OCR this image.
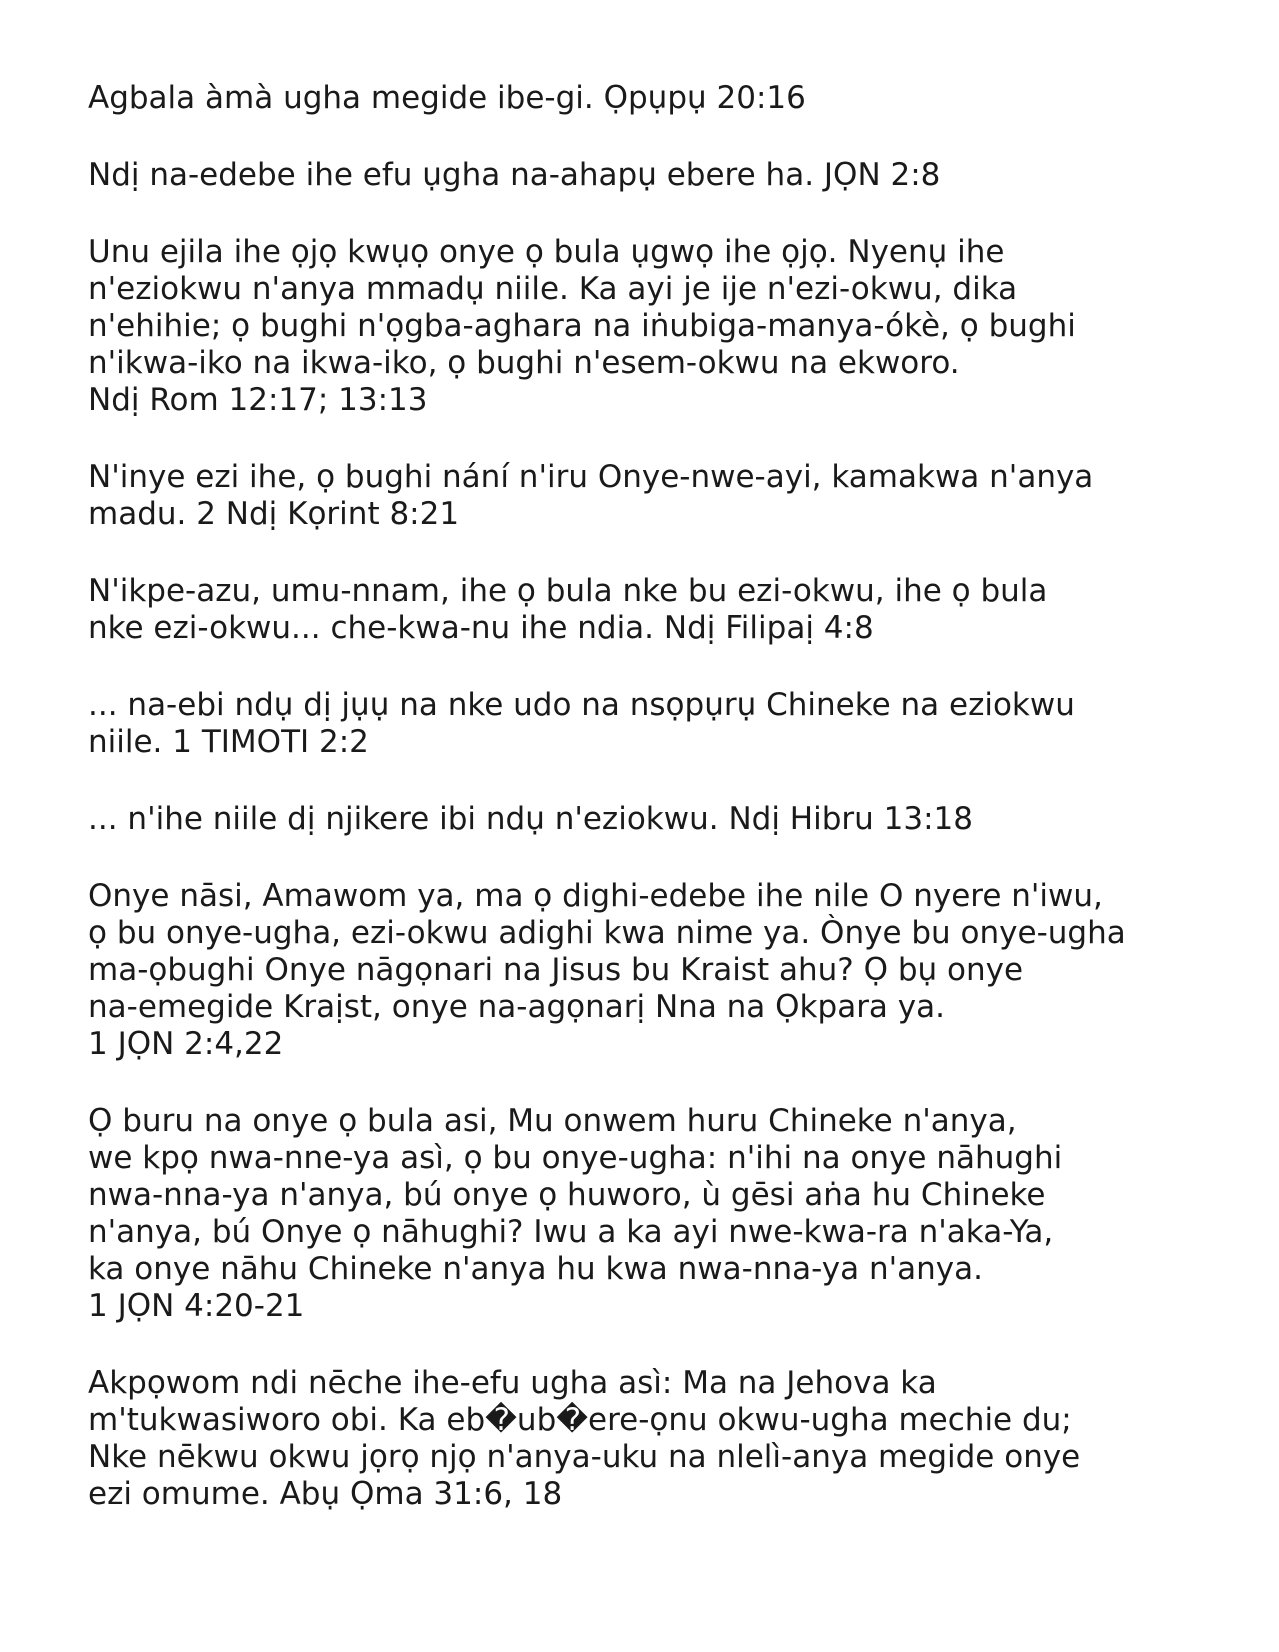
Agbala àmà ugha megide ibe-gi. Ọpụpụ 20:16

Ndị na-edebe ihe efu ụgha na-ahapụ ebere ha. JỌN 2:8

Unu ejila ihe ọjọ kwụọ onye ọ bula ụgwọ ihe ọjọ. Nyenụ ihe
n'eziokwu n'anya mmadụ niile. Ka ayi je ije n'ezi-okwu, dika
n'ehihie; ọ bughi n'ọgba-aghara na iṅubiga-manya-ókè, ọ bughi
n'ikwa-iko na ikwa-iko, ọ bughi n'esem-okwu na ekworo.
Ndị Rom 12:17; 13:13

N'inye ezi ihe, ọ bughi nání n'iru Onye-nwe-ayi, kamakwa n'anya
madu. 2 Ndị Kọrint 8:21

N'ikpe-azu, umu-nnam, ihe ọ bula nke bu ezi-okwu, ihe ọ bula
nke ezi-okwu... che-kwa-nu ihe ndia. Ndị Filipaị 4:8

... na-ebi ndụ dị jụụ na nke udo na nsọpụrụ Chineke na eziokwu
niile. 1 TIMOTI 2:2

... n'ihe niile dị njikere ibi ndụ n'eziokwu. Ndị Hibru 13:18

Onye nāsi, Amawom ya, ma ọ dighi-edebe ihe nile O nyere n'iwu,
ọ bu onye-ugha, ezi-okwu adighi kwa nime ya. Ònye bu onye-ugha
ma-ọbughi Onye nāgọnari na Jisus bu Kraist ahu? Ọ bụ onye
na-emegide Kraịst, onye na-agọnarị Nna na Ọkpara ya.
1 JỌN 2:4,22

Ọ buru na onye ọ bula asi, Mu onwem huru Chineke n'anya,
we kpọ nwa-nne-ya asì, ọ bu onye-ugha: n'ihi na onye nāhughi
nwa-nna-ya n'anya, bú onye ọ huworo, ù gēsi aṅa hu Chineke
n'anya, bú Onye ọ nāhughi? Iwu a ka ayi nwe-kwa-ra n'aka-Ya,
ka onye nāhu Chineke n'anya hu kwa nwa-nna-ya n'anya.
1 JỌN 4:20-21

Akpọwom ndi nēche ihe-efu ugha asì: Ma na Jehova ka
m'tukwasiworo obi. Ka eb�ub�ere-ọnu okwu-ugha mechie du;
Nke nēkwu okwu jọrọ njọ n'anya-uku na nlelì-anya megide onye
ezi omume. Abụ Ọma 31:6, 18
